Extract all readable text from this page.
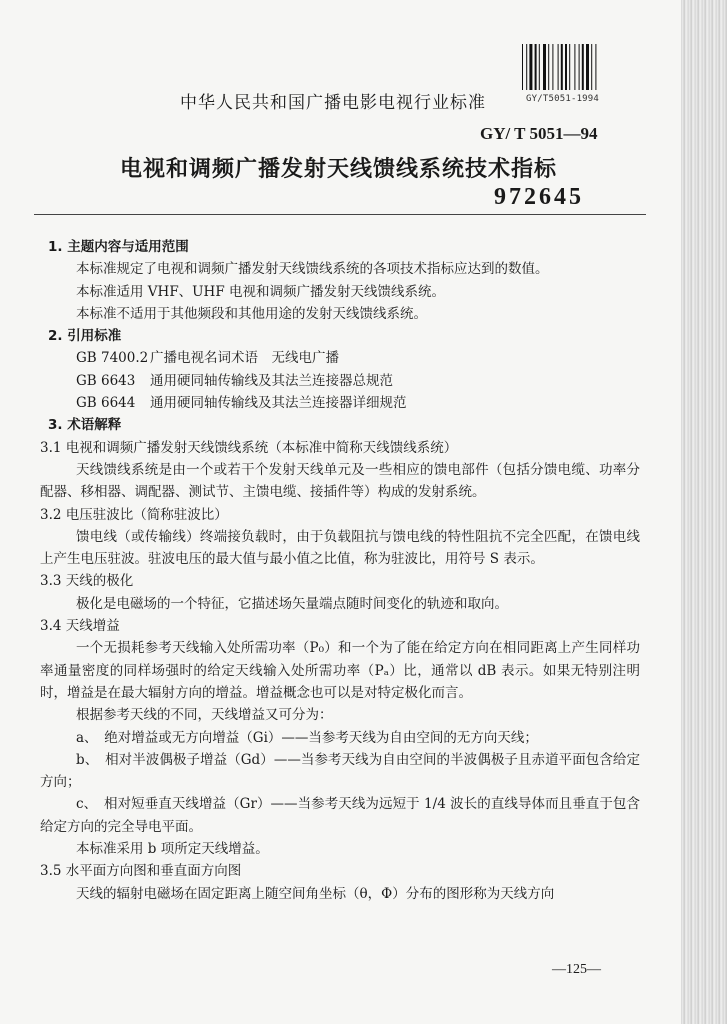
GY/T5051-1994
中华人民共和国广播电影电视行业标准
GY/ T 5051—94
电视和调频广播发射天线馈线系统技术指标
972645

1. 主题内容与适用范围

本标准规定了电视和调频广播发射天线馈线系统的各项技术指标应达到的数值。

本标准适用 VHF、UHF 电视和调频广播发射天线馈线系统。

本标准不适用于其他频段和其他用途的发射天线馈线系统。

2. 引用标准

GB 7400.2 广播电视名词术语　无线电广播

GB 6643 通用硬同轴传输线及其法兰连接器总规范

GB 6644 通用硬同轴传输线及其法兰连接器详细规范

3. 术语解释

3.1 电视和调频广播发射天线馈线系统（本标准中简称天线馈线系统）

天线馈线系统是由一个或若干个发射天线单元及一些相应的馈电部件（包括分馈电缆、功率分配器、移相器、调配器、测试节、主馈电缆、接插件等）构成的发射系统。

3.2 电压驻波比（简称驻波比）

馈电线（或传输线）终端接负载时，由于负载阻抗与馈电线的特性阻抗不完全匹配，在馈电线上产生电压驻波。驻波电压的最大值与最小值之比值，称为驻波比，用符号 S 表示。

3.3 天线的极化

极化是电磁场的一个特征，它描述场矢量端点随时间变化的轨迹和取向。

3.4 天线增益

一个无损耗参考天线输入处所需功率（P₀）和一个为了能在给定方向在相同距离上产生同样功率通量密度的同样场强时的给定天线输入处所需功率（Pₐ）比，通常以 dB 表示。如果无特别注明时，增益是在最大辐射方向的增益。增益概念也可以是对特定极化而言。

根据参考天线的不同，天线增益又可分为：

a、　绝对增益或无方向增益（Gi）——当参考天线为自由空间的无方向天线；

b、　相对半波偶极子增益（Gd）——当参考天线为自由空间的半波偶极子且赤道平面包含给定方向；

c、　相对短垂直天线增益（Gr）——当参考天线为远短于 1/4 波长的直线导体而且垂直于包含给定方向的完全导电平面。

本标准采用 b 项所定天线增益。

3.5 水平面方向图和垂直面方向图

天线的辐射电磁场在固定距离上随空间角坐标（θ，Φ）分布的图形称为天线方向

—125—
